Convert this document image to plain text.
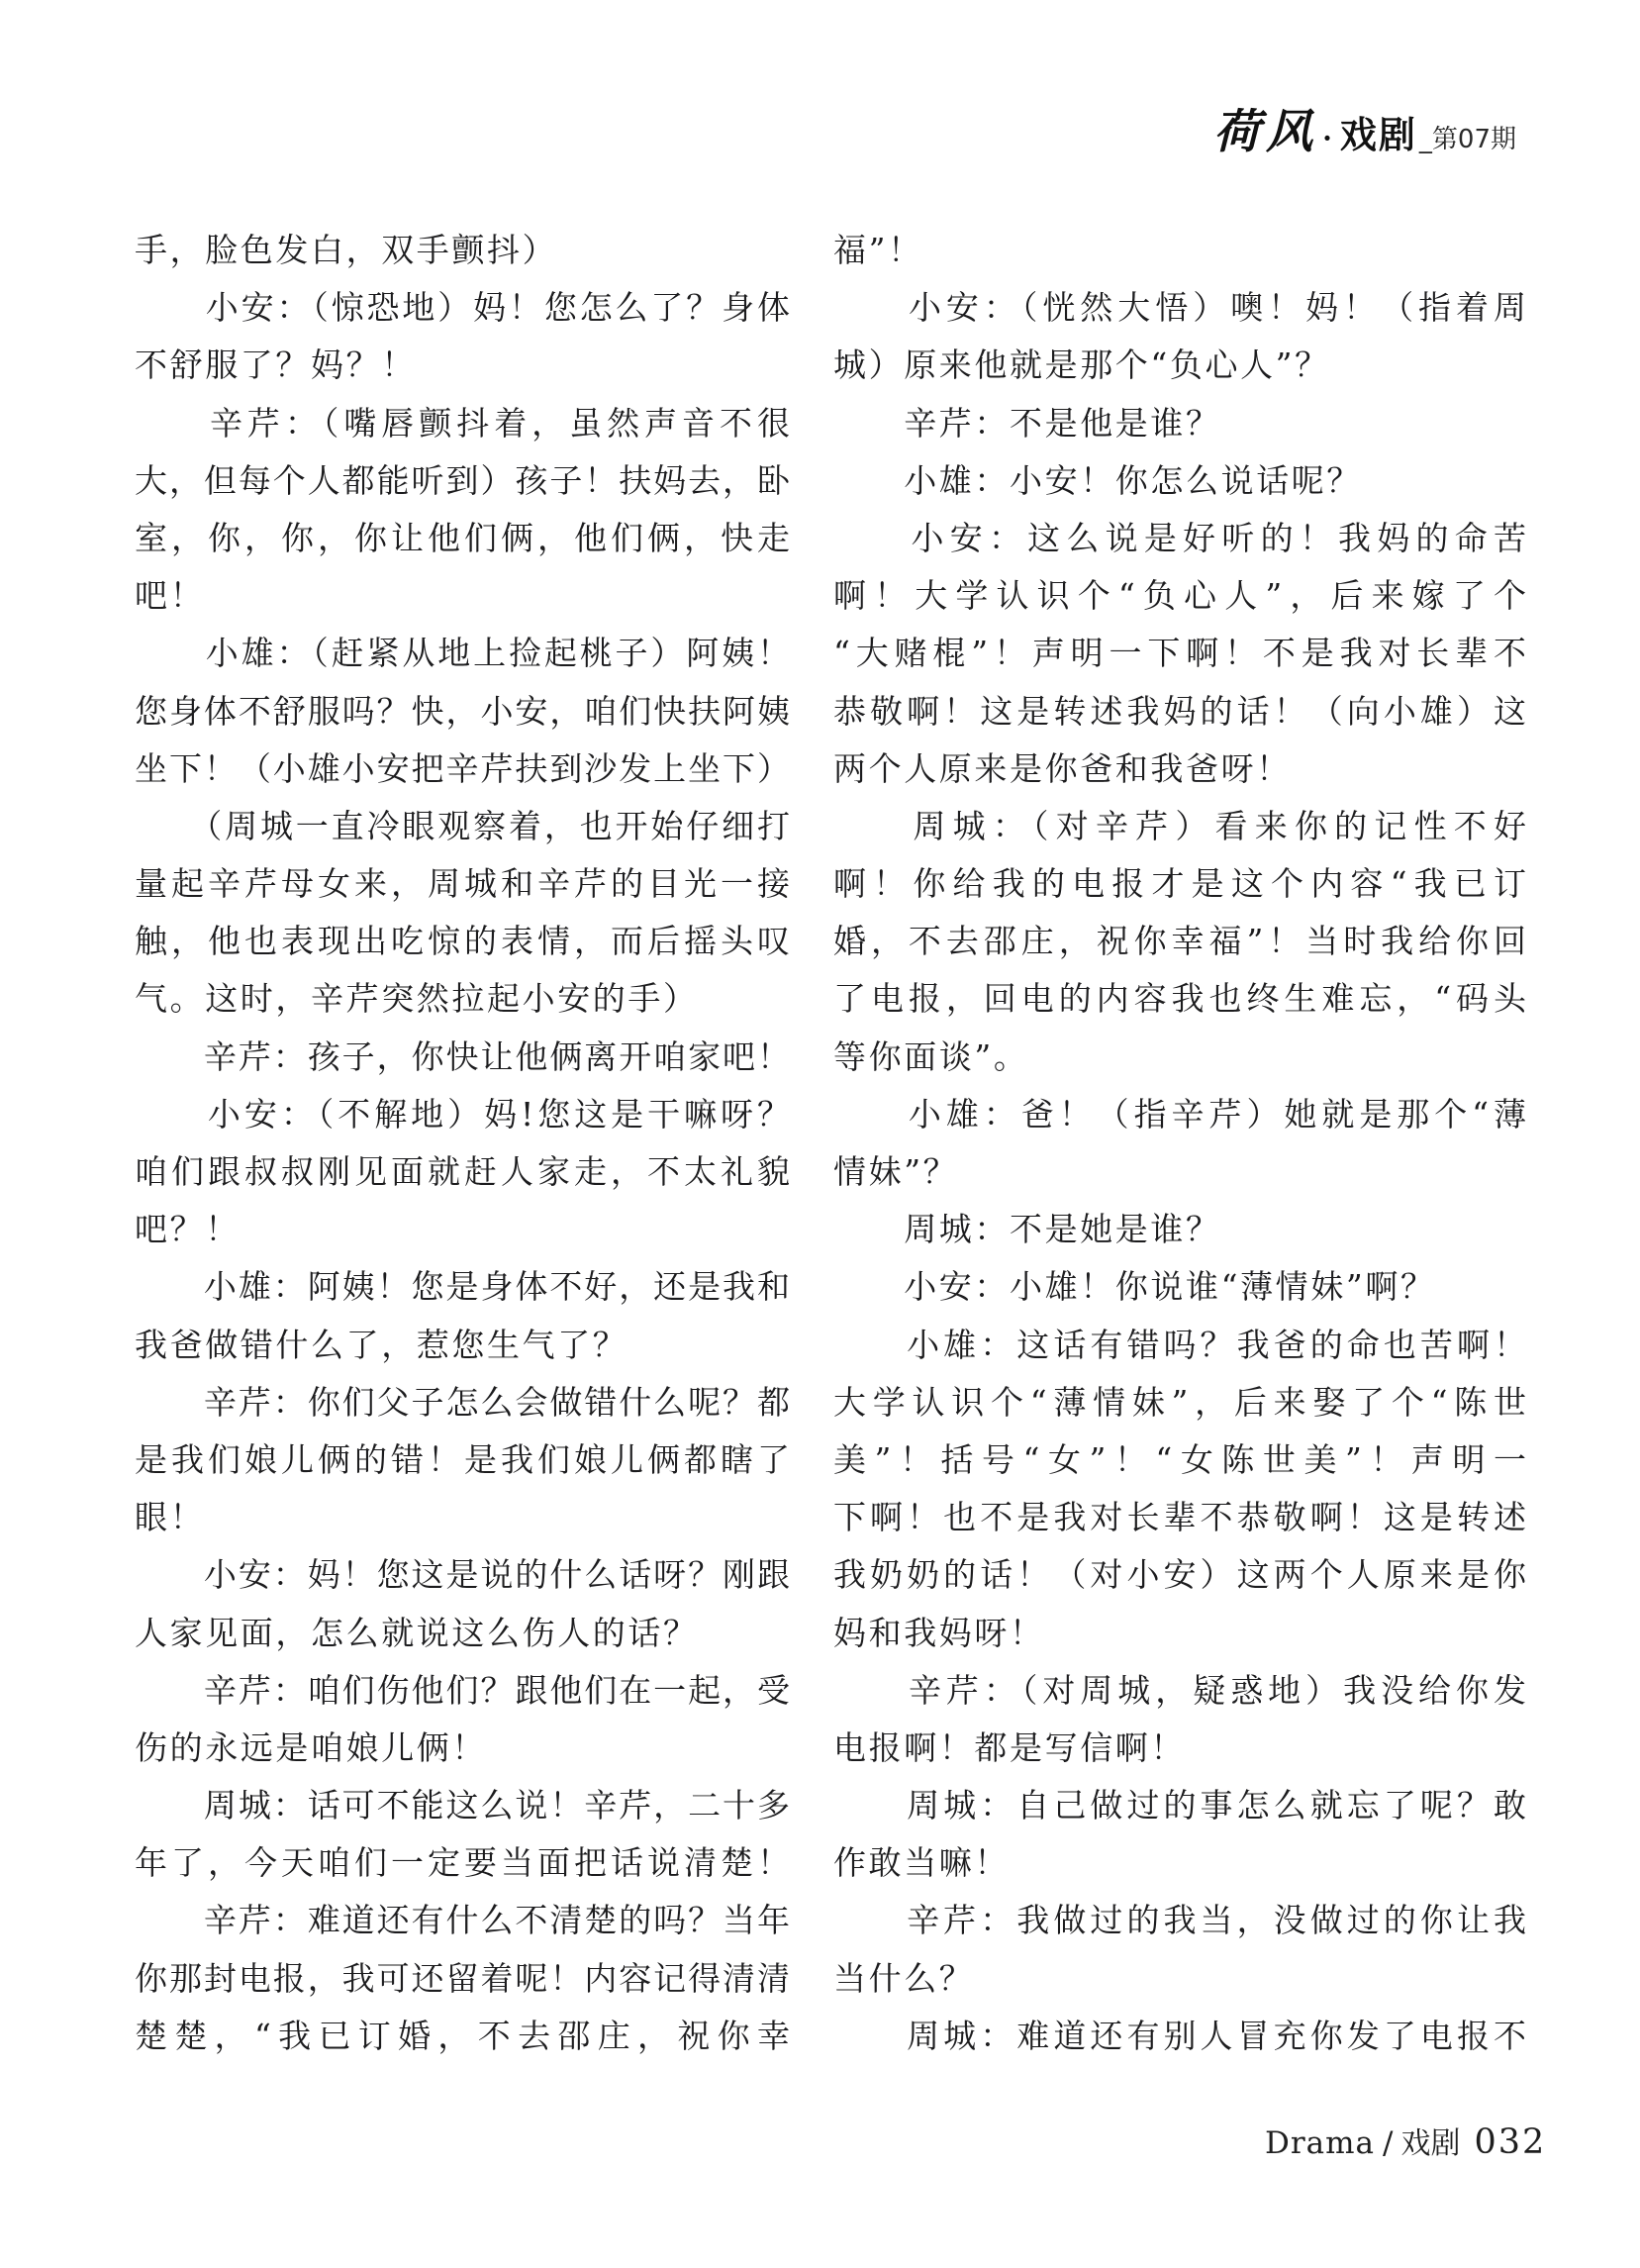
荷风 · 戏剧 _第07期
手，脸色发白，双手颤抖）
　　小安：（惊恐地）妈！您怎么了？身体
不舒服了？妈？！
　　辛芹：（嘴唇颤抖着，虽然声音不很
大，但每个人都能听到）孩子！扶妈去，卧
室，你，你，你让他们俩，他们俩，快走
吧！
　　小雄：（赶紧从地上捡起桃子）阿姨！
您身体不舒服吗？快，小安，咱们快扶阿姨
坐下！（小雄小安把辛芹扶到沙发上坐下）
　　（周城一直冷眼观察着，也开始仔细打
量起辛芹母女来，周城和辛芹的目光一接
触，他也表现出吃惊的表情，而后摇头叹
气。这时，辛芹突然拉起小安的手）
　　辛芹：孩子，你快让他俩离开咱家吧！
　　小安：（不解地）妈!您这是干嘛呀？
咱们跟叔叔刚见面就赶人家走，不太礼貌
吧？！
　　小雄：阿姨！您是身体不好，还是我和
我爸做错什么了，惹您生气了？
　　辛芹：你们父子怎么会做错什么呢？都
是我们娘儿俩的错！是我们娘儿俩都瞎了
眼！
　　小安：妈！您这是说的什么话呀？刚跟
人家见面，怎么就说这么伤人的话？
　　辛芹：咱们伤他们？跟他们在一起，受
伤的永远是咱娘儿俩！
　　周城：话可不能这么说！辛芹，二十多
年了，今天咱们一定要当面把话说清楚！
　　辛芹：难道还有什么不清楚的吗？当年
你那封电报，我可还留着呢！内容记得清清
楚楚，“我已订婚，不去邵庄，祝你幸
福”！
　　小安：（恍然大悟）噢！妈！（指着周
城）原来他就是那个“负心人”？
　　辛芹：不是他是谁？
　　小雄：小安！你怎么说话呢？
　　小安：这么说是好听的！我妈的命苦
啊！大学认识个“负心人”，后来嫁了个
“大赌棍”！声明一下啊！不是我对长辈不
恭敬啊！这是转述我妈的话！（向小雄）这
两个人原来是你爸和我爸呀！
　　周城：（对辛芹）看来你的记性不好
啊！你给我的电报才是这个内容“我已订
婚，不去邵庄，祝你幸福”！当时我给你回
了电报，回电的内容我也终生难忘，“码头
等你面谈”。
　　小雄：爸！（指辛芹）她就是那个“薄
情妹”？
　　周城：不是她是谁？
　　小安：小雄！你说谁“薄情妹”啊？
　　小雄：这话有错吗？我爸的命也苦啊！
大学认识个“薄情妹”，后来娶了个“陈世
美”！括号“女”！“女陈世美”！声明一
下啊！也不是我对长辈不恭敬啊！这是转述
我奶奶的话！（对小安）这两个人原来是你
妈和我妈呀！
　　辛芹：（对周城，疑惑地）我没给你发
电报啊！都是写信啊！
　　周城：自己做过的事怎么就忘了呢？敢
作敢当嘛！
　　辛芹：我做过的我当，没做过的你让我
当什么？
　　周城：难道还有别人冒充你发了电报不
Drama / 戏剧 032
